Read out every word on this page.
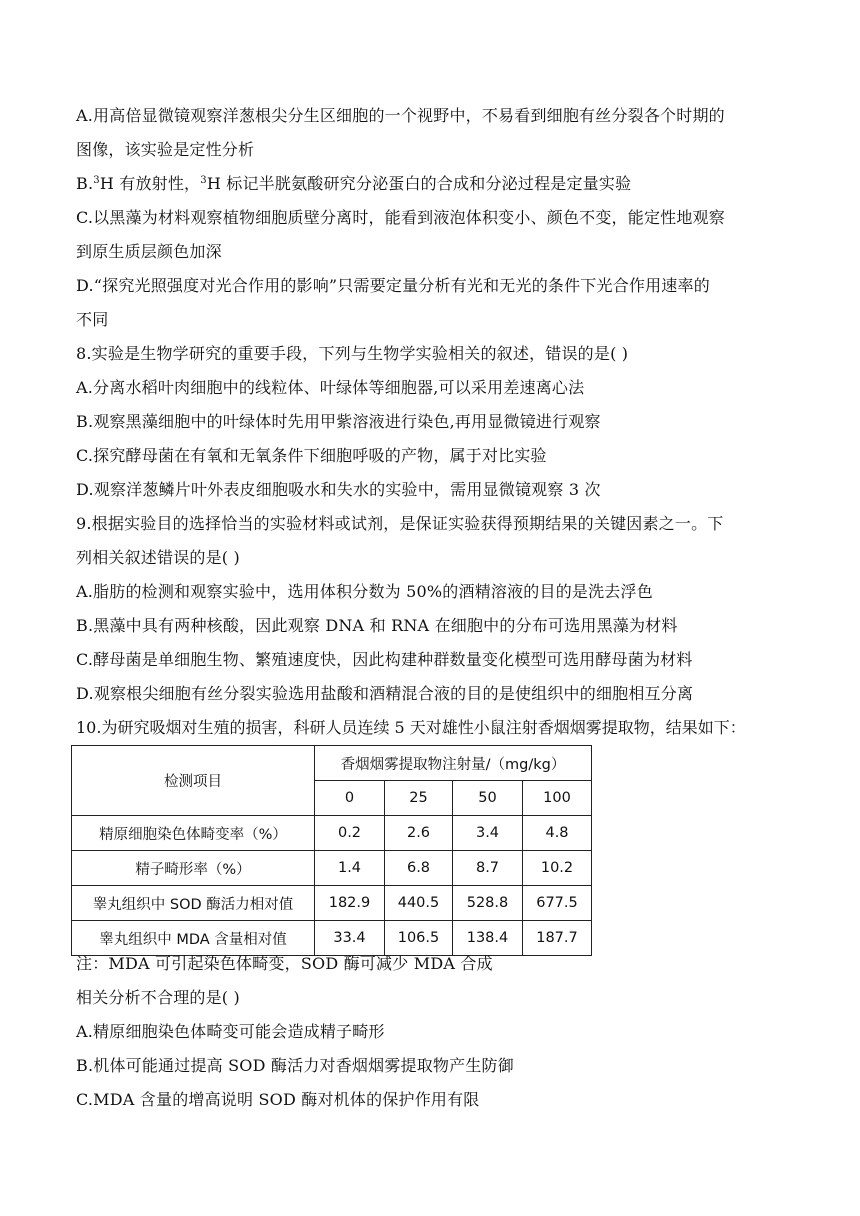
A.用高倍显微镜观察洋葱根尖分生区细胞的一个视野中，不易看到细胞有丝分裂各个时期的
图像，该实验是定性分析
B.$^3$H 有放射性，$^3$H 标记半胱氨酸研究分泌蛋白的合成和分泌过程是定量实验
C.以黑藻为材料观察植物细胞质壁分离时，能看到液泡体积变小、颜色不变，能定性地观察
到原生质层颜色加深
D.“探究光照强度对光合作用的影响”只需要定量分析有光和无光的条件下光合作用速率的
不同
8.实验是生物学研究的重要手段，下列与生物学实验相关的叙述，错误的是( )
A.分离水稻叶肉细胞中的线粒体、叶绿体等细胞器,可以采用差速离心法
B.观察黑藻细胞中的叶绿体时先用甲紫溶液进行染色,再用显微镜进行观察
C.探究酵母菌在有氧和无氧条件下细胞呼吸的产物，属于对比实验
D.观察洋葱鳞片叶外表皮细胞吸水和失水的实验中，需用显微镜观察 3 次
9.根据实验目的选择恰当的实验材料或试剂，是保证实验获得预期结果的关键因素之一。下
列相关叙述错误的是( )
A.脂肪的检测和观察实验中，选用体积分数为 50%的酒精溶液的目的是洗去浮色
B.黑藻中具有两种核酸，因此观察 DNA 和 RNA 在细胞中的分布可选用黑藻为材料
C.酵母菌是单细胞生物、繁殖速度快，因此构建种群数量变化模型可选用酵母菌为材料
D.观察根尖细胞有丝分裂实验选用盐酸和酒精混合液的目的是使组织中的细胞相互分离
10.为研究吸烟对生殖的损害，科研人员连续 5 天对雄性小鼠注射香烟烟雾提取物，结果如下：
检测项目	香烟烟雾提取物注射量/（mg/kg）			
	0	25	50	100
精原细胞染色体畸变率（%）	0.2	2.6	3.4	4.8
精子畸形率（%）	1.4	6.8	8.7	10.2
睾丸组织中 SOD 酶活力相对值	182.9	440.5	528.8	677.5
睾丸组织中 MDA 含量相对值	33.4	106.5	138.4	187.7
注：MDA 可引起染色体畸变，SOD 酶可减少 MDA 合成
相关分析不合理的是( )
A.精原细胞染色体畸变可能会造成精子畸形
B.机体可能通过提高 SOD 酶活力对香烟烟雾提取物产生防御
C.MDA 含量的增高说明 SOD 酶对机体的保护作用有限
